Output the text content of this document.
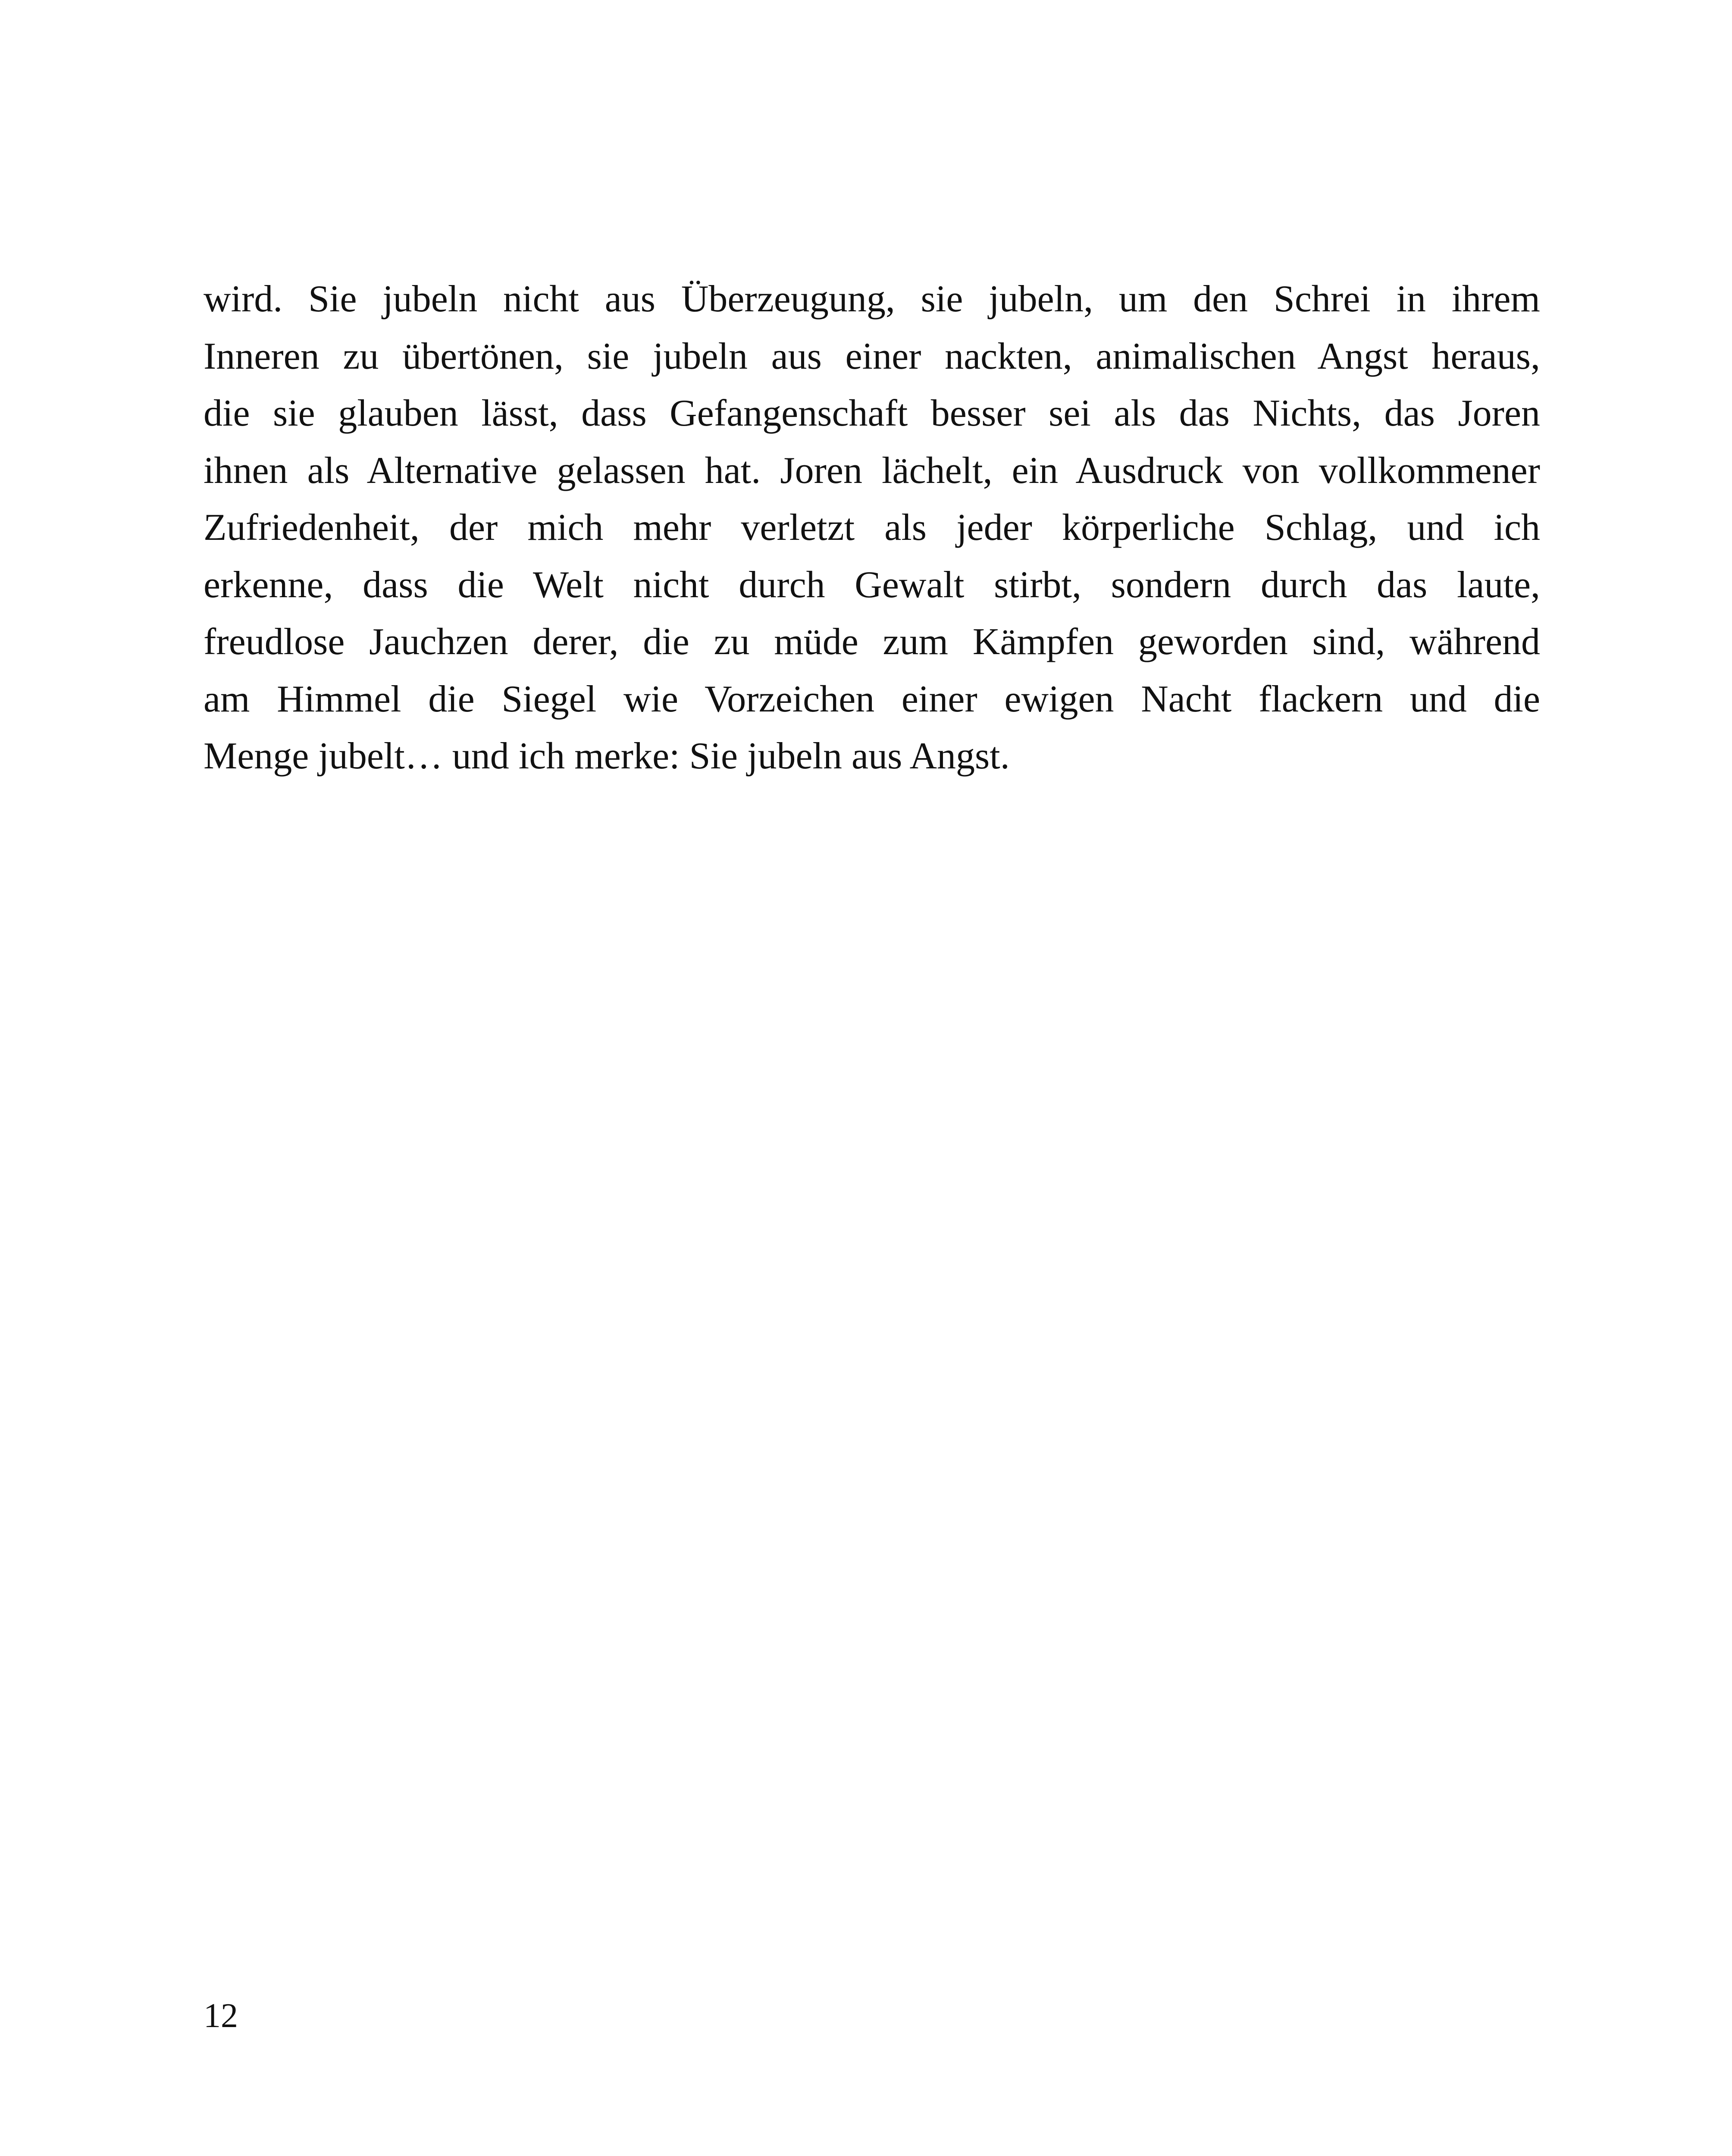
wird. Sie jubeln nicht aus Überzeugung, sie jubeln, um den Schrei in ihrem
Inneren zu übertönen, sie jubeln aus einer nackten, animalischen Angst heraus,
die sie glauben lässt, dass Gefangenschaft besser sei als das Nichts, das Joren
ihnen als Alternative gelassen hat. Joren lächelt, ein Ausdruck von vollkommener
Zufriedenheit, der mich mehr verletzt als jeder körperliche Schlag, und ich
erkenne, dass die Welt nicht durch Gewalt stirbt, sondern durch das laute,
freudlose Jauchzen derer, die zu müde zum Kämpfen geworden sind, während
am Himmel die Siegel wie Vorzeichen einer ewigen Nacht flackern und die
Menge jubelt… und ich merke: Sie jubeln aus Angst.

12
